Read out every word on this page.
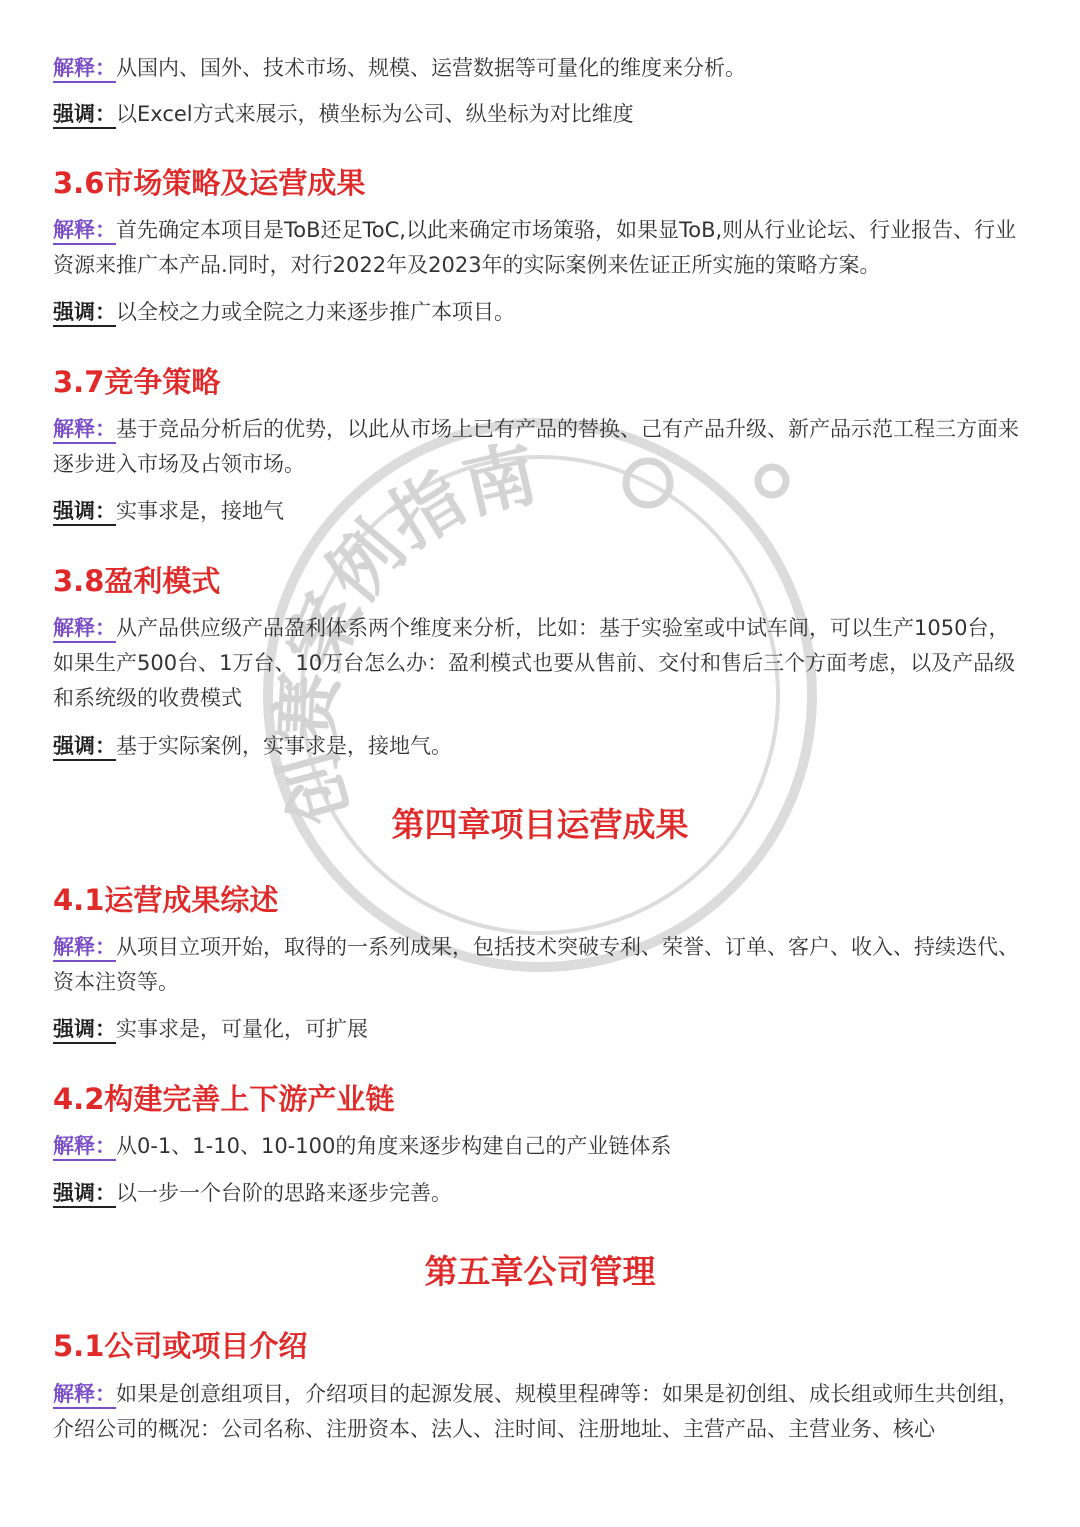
创赛案例指南

解释：从国内、国外、技术市场、规模、运营数据等可量化的维度来分析。

强调：以Excel方式来展示，横坐标为公司、纵坐标为对比维度

3.6市场策略及运营成果

解释：首先确定本项目是ToB还足ToC,以此来确定市场策骆，如果显ToB,则从行业论坛、行业报告、行业资源来推广本产品.同时，对行2022年及2023年的实际案例来佐证正所实施的策略方案。

强调：以全校之力或全院之力来逐步推广本项目。

3.7竞争策略

解释：基于竞品分析后的优势，以此从市场上已有产品的替换、己有产品升级、新产品示范工程三方面来逐步进入市场及占领市场。

强调：实事求是，接地气

3.8盈利模式

解释：从产品供应级产品盈利体系两个维度来分析，比如：基于实验室或中试车间，可以生产1050台，如果生产500台、1万台、10万台怎么办：盈利模式也要从售前、交付和售后三个方面考虑，以及产品级和系统级的收费模式

强调：基于实际案例，实事求是，接地气。

第四章项目运营成果
4.1运营成果综述

解释：从项目立项开始，取得的一系列成果，包括技术突破专利、荣誉、订单、客户、收入、持续迭代、资本注资等。

强调：实事求是，可量化，可扩展

4.2构建完善上下游产业链

解释：从0-1、1-10、10-100的角度来逐步构建自己的产业链体系

强调：以一步一个台阶的思路来逐步完善。

第五章公司管理
5.1公司或项目介绍

解释：如果是创意组项目，介绍项目的起源发展、规模里程碑等：如果是初创组、成长组或师生共创组，介绍公司的概况：公司名称、注册资本、法人、注时间、注册地址、主营产品、主营业务、核心
